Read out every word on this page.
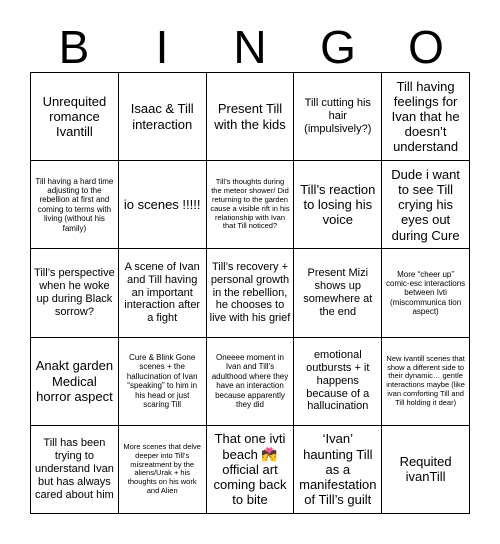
B	I	N	G	O
Unrequited romance Ivantill
Isaac & Till interaction
Present Till with the kids
Till cutting his hair (impulsively?)
Till having feelings for Ivan that he doesn’t understand
Till having a hard time adjusting to the rebellion at first and coming to terms with living (without his family)
io scenes !!!!!
Till’s thoughts during the meteor shower/ Did returning to the garden cause a visible rift in his relationship with Ivan that Till noticed?
Till’s reaction to losing his voice
Dude i want to see Till crying his eyes out during Cure
Till’s perspective when he woke up during Black sorrow?
A scene of Ivan and Till having an important interaction after a fight
Till’s recovery + personal growth in the rebellion, he chooses to live with his grief
Present Mizi shows up somewhere at the end
More “cheer up” comic-esc interactions between Ivti (miscommunica tion aspect)
Anakt garden Medical horror aspect
Cure & Blink Gone scenes + the hallucination of Ivan “speaking” to him in his head or just scaring Till
Oneeee moment in Ivan and Till’s adulthood where they have an interaction because apparently they did
emotional outbursts + it happens because of a hallucination
New ivantill scenes that show a different side to their dynamic… gentle interactions maybe (like ivan comforting Till and Till holding it dear)
Till has been trying to understand Ivan but has always cared about him
More scenes that delve deeper into Till’s misreatment by the aliens/Urak + his thoughts on his work and Alien
That one ivti beach 💏 official art coming back to bite
‘Ivan’ haunting Till as a manifestation of Till’s guilt
Requited ivanTill
